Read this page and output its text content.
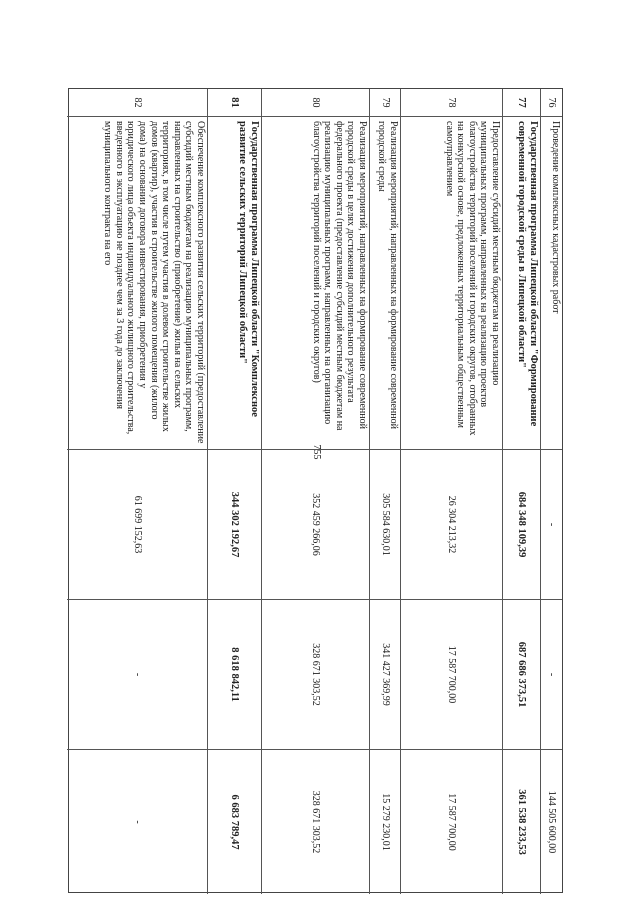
755
76
Проведение комплексных кадастровых работ
-
-
144 505 600,00
77
Государственная программа Липецкой области "Формирование современной городской среды в Липецкой области"
684 348 109,39
687 686 373,51
361 538 233,53
78
Предоставление субсидий местным бюджетам на реализацию муниципальных программ, направленных на реализацию проектов благоустройства территорий поселений и городских округов, отобранных на конкурсной основе, предложенных территориальным общественным самоуправлением
26 304 213,32
17 587 700,00
17 587 700,00
79
Реализация мероприятий, направленных на формирование современной городской среды
305 584 630,01
341 427 369,99
15 279 230,01
80
Реализация мероприятий, направленных на формирование современной городской среды в целях достижения дополнительного результата федерального проекта (предоставление субсидий местным бюджетам на реализацию муниципальных программ, направленных на организацию благоустройства территорий поселений и городских округов)
352 459 266,06
328 671 303,52
328 671 303,52
81
Государственная программа Липецкой области "Комплексное развитие сельских территорий Липецкой области"
344 302 192,67
8 618 842,11
6 683 789,47
82
Обеспечение комплексного развития сельских территорий (предоставление субсидий местным бюджетам на реализацию муниципальных программ, направленных на строительство (приобретение) жилья на сельских территориях, в том числе путем участия в долевом строительстве жилых домов (квартир), участия в строительстве жилого помещения (жилого дома) на основании договора инвестирования, приобретения у юридического лица объекта индивидуального жилищного строительства, введенного в эксплуатацию не позднее чем за 3 года до заключения муниципального контракта на его
61 699 152,63
-
-
